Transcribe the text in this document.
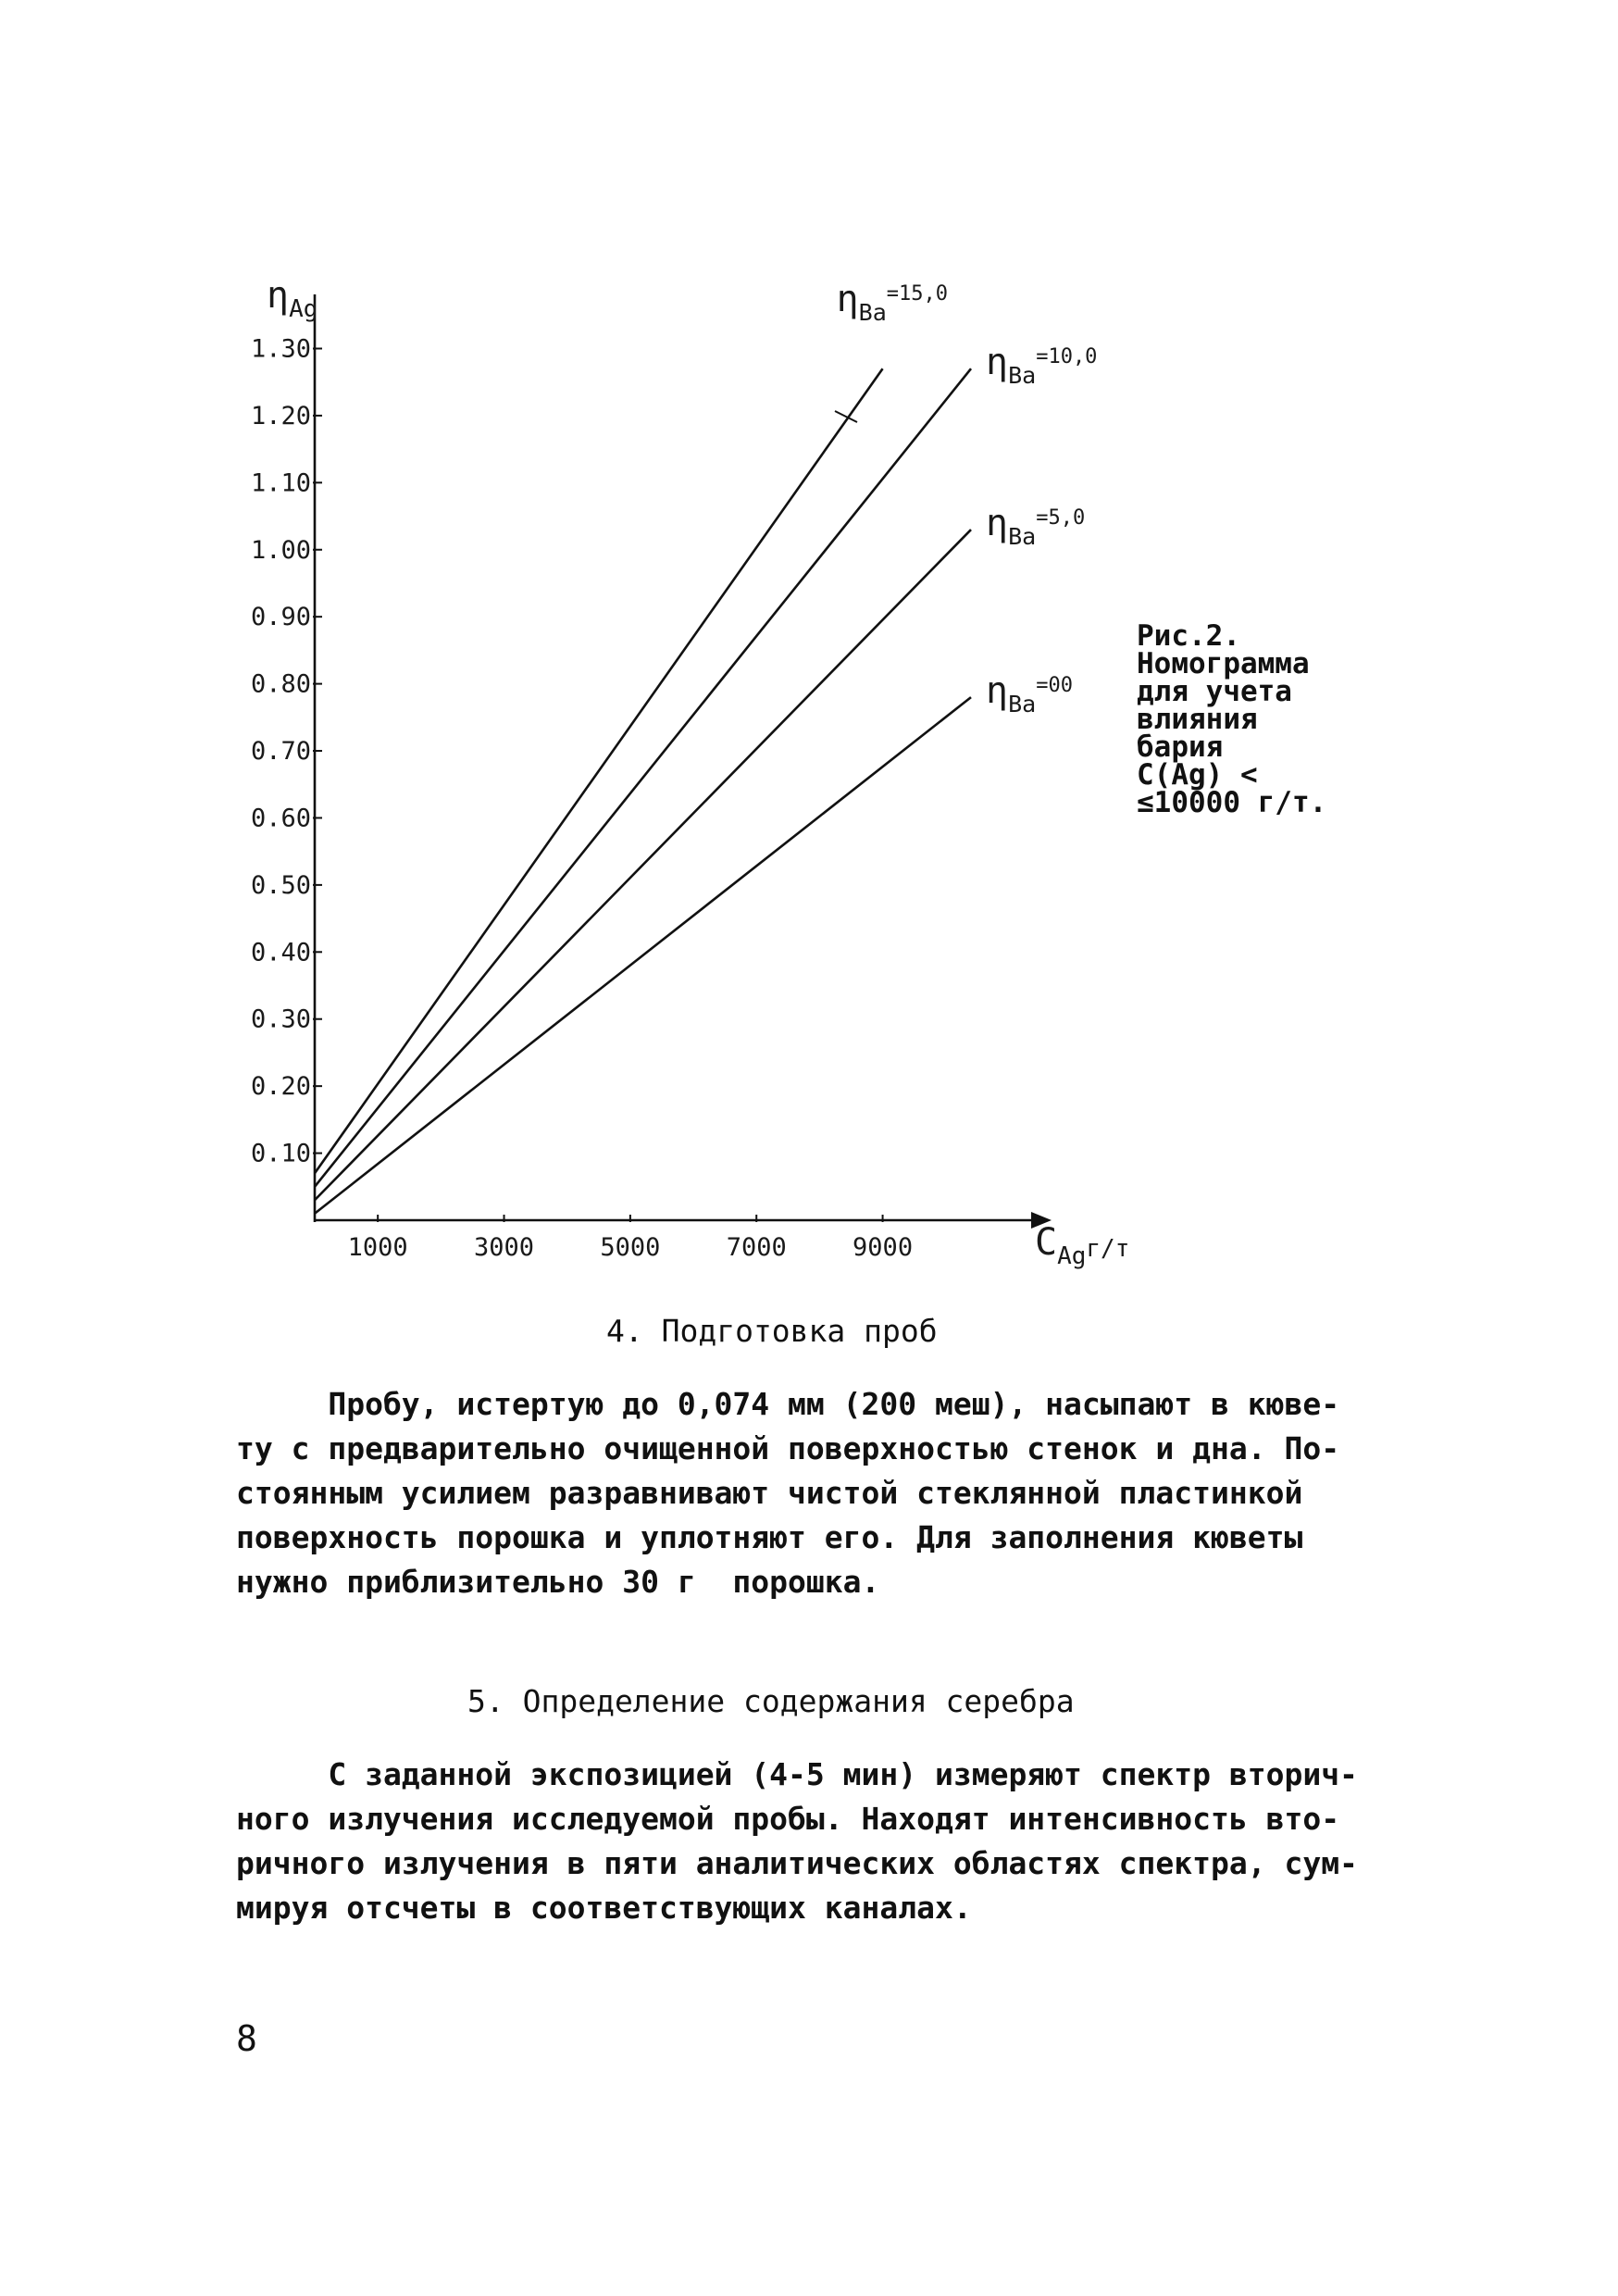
0.10
0.20
0.30
0.40
0.50
0.60
0.70
0.80
0.90
1.00
1.10
1.20
1.30
1000	3000	5000	7000	9000
ηBa=15,0
ηBa=10,0
ηBa=5,0
ηBa=00
ηAg
CAgг/т
Рис.2.
Номограмма
для учета
влияния
бария
C(Ag) <
≤10000 г/т.
4. Подготовка проб
Пробу, истертую до 0,074 мм (200 меш), насыпают в кюве-
ту с предварительно очищенной поверхностью стенок и дна. По-
стоянным усилием разравнивают чистой стеклянной пластинкой
поверхность порошка и уплотняют его. Для заполнения кюветы
нужно приблизительно 30 г  порошка.
5. Определение содержания серебра
С заданной экспозицией (4-5 мин) измеряют спектр вторич-
ного излучения исследуемой пробы. Находят интенсивность вто-
ричного излучения в пяти аналитических областях спектра, сум-
мируя отсчеты в соответствующих каналах.
8
